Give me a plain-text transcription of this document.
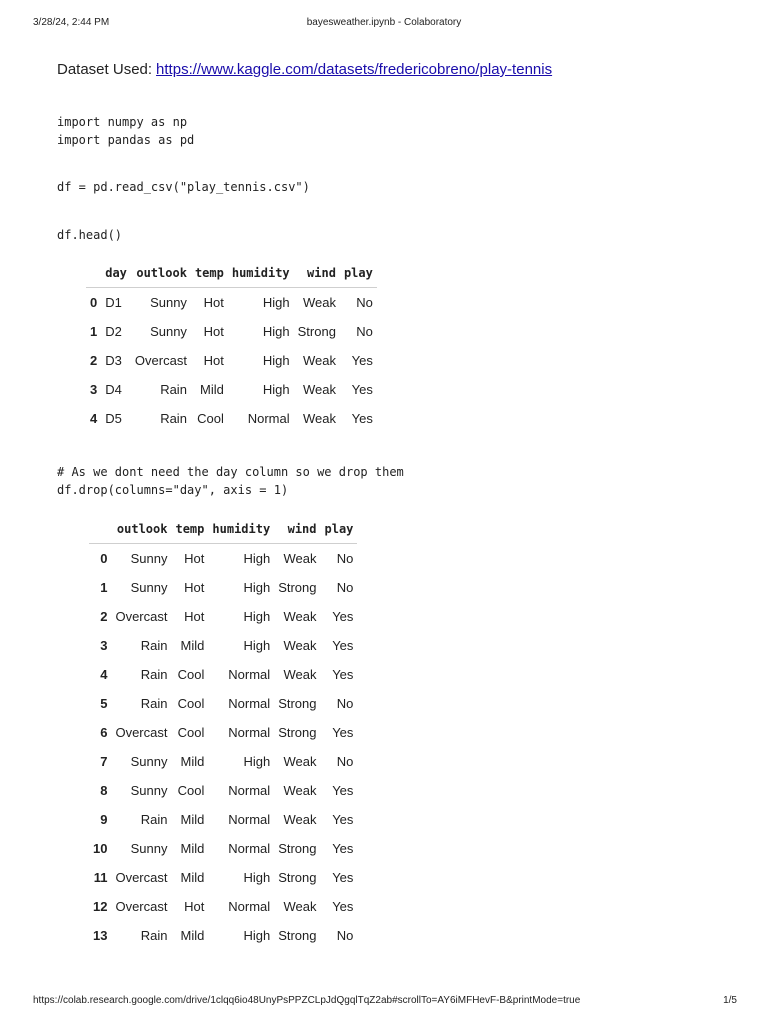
3/28/24, 2:44 PM	bayesweather.ipynb - Colaboratory
Dataset Used: https://www.kaggle.com/datasets/fredericobreno/play-tennis
import numpy as np
import pandas as pd
df = pd.read_csv("play_tennis.csv")
df.head()
	day	outlook	temp	humidity	wind	play
0	D1	Sunny	Hot	High	Weak	No
1	D2	Sunny	Hot	High	Strong	No
2	D3	Overcast	Hot	High	Weak	Yes
3	D4	Rain	Mild	High	Weak	Yes
4	D5	Rain	Cool	Normal	Weak	Yes
# As we dont need the day column so we drop them
df.drop(columns="day", axis = 1)
	outlook	temp	humidity	wind	play
0	Sunny	Hot	High	Weak	No
1	Sunny	Hot	High	Strong	No
2	Overcast	Hot	High	Weak	Yes
3	Rain	Mild	High	Weak	Yes
4	Rain	Cool	Normal	Weak	Yes
5	Rain	Cool	Normal	Strong	No
6	Overcast	Cool	Normal	Strong	Yes
7	Sunny	Mild	High	Weak	No
8	Sunny	Cool	Normal	Weak	Yes
9	Rain	Mild	Normal	Weak	Yes
10	Sunny	Mild	Normal	Strong	Yes
11	Overcast	Mild	High	Strong	Yes
12	Overcast	Hot	Normal	Weak	Yes
13	Rain	Mild	High	Strong	No
https://colab.research.google.com/drive/1clqq6io48UnyPsPPZCLpJdQgqlTqZ2ab#scrollTo=AY6iMFHevF-B&printMode=true	1/5
